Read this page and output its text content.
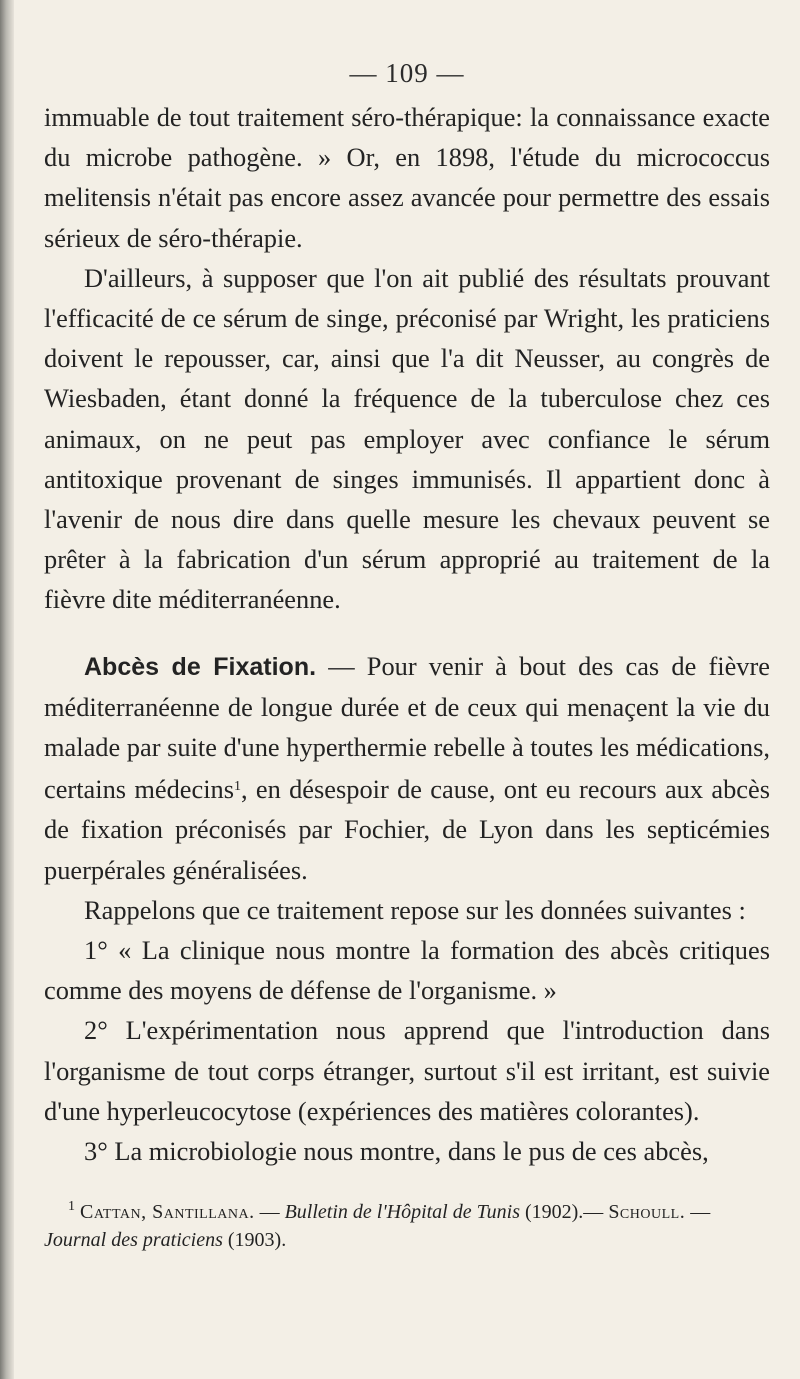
— 109 —

immuable de tout traitement séro-thérapique: la connaissance exacte du microbe pathogène. » Or, en 1898, l'étude du micrococcus melitensis n'était pas encore assez avancée pour permettre des essais sérieux de séro-thérapie.

D'ailleurs, à supposer que l'on ait publié des résultats prouvant l'efficacité de ce sérum de singe, préconisé par Wright, les praticiens doivent le repousser, car, ainsi que l'a dit Neusser, au congrès de Wiesbaden, étant donné la fréquence de la tuberculose chez ces animaux, on ne peut pas employer avec confiance le sérum antitoxique provenant de singes immunisés. Il appartient donc à l'avenir de nous dire dans quelle mesure les chevaux peuvent se prêter à la fabrication d'un sérum approprié au traitement de la fièvre dite méditerranéenne.

Abcès de Fixation. — Pour venir à bout des cas de fièvre méditerranéenne de longue durée et de ceux qui menaçent la vie du malade par suite d'une hyperthermie rebelle à toutes les médications, certains médecins$^1$, en désespoir de cause, ont eu recours aux abcès de fixation préconisés par Fochier, de Lyon dans les septicémies puerpérales généralisées.

Rappelons que ce traitement repose sur les données suivantes :

1° « La clinique nous montre la formation des abcès critiques comme des moyens de défense de l'organisme. »

2° L'expérimentation nous apprend que l'introduction dans l'organisme de tout corps étranger, surtout s'il est irritant, est suivie d'une hyperleucocytose (expériences des matières colorantes).

3° La microbiologie nous montre, dans le pus de ces abcès,

$^1$ Cattan, Santillana. — Bulletin de l'Hôpital de Tunis (1902).— Schoull. — Journal des praticiens (1903).
